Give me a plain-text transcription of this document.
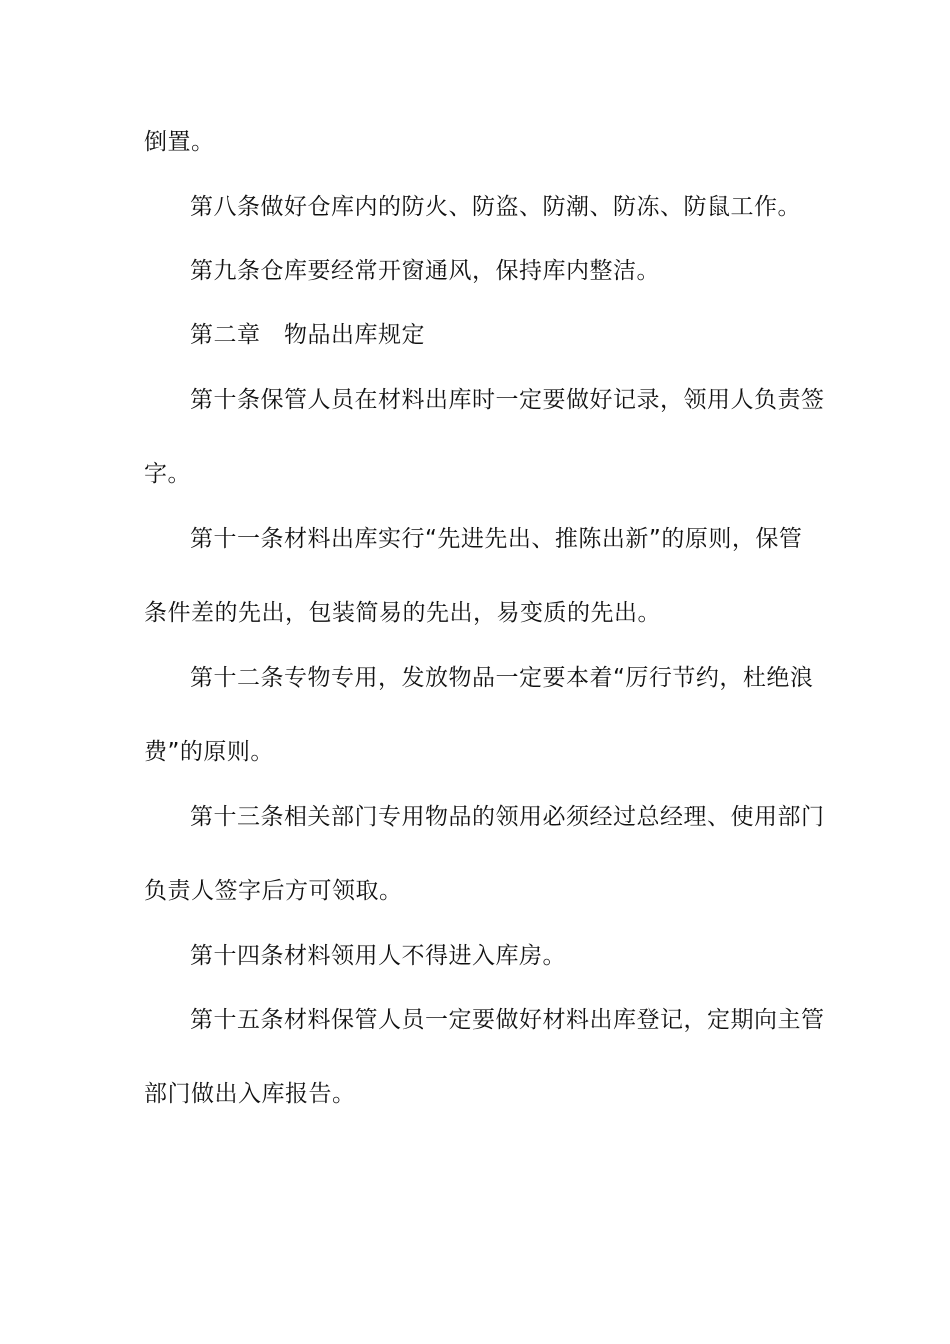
倒置。
第八条做好仓库内的防火、防盗、防潮、防冻、防鼠工作。
第九条仓库要经常开窗通风，保持库内整洁。
第二章　物品出库规定
第十条保管人员在材料出库时一定要做好记录，领用人负责签
字。
第十一条材料出库实行“先进先出、推陈出新”的原则，保管
条件差的先出，包装简易的先出，易变质的先出。
第十二条专物专用，发放物品一定要本着“厉行节约，杜绝浪
费”的原则。
第十三条相关部门专用物品的领用必须经过总经理、使用部门
负责人签字后方可领取。
第十四条材料领用人不得进入库房。
第十五条材料保管人员一定要做好材料出库登记，定期向主管
部门做出入库报告。
